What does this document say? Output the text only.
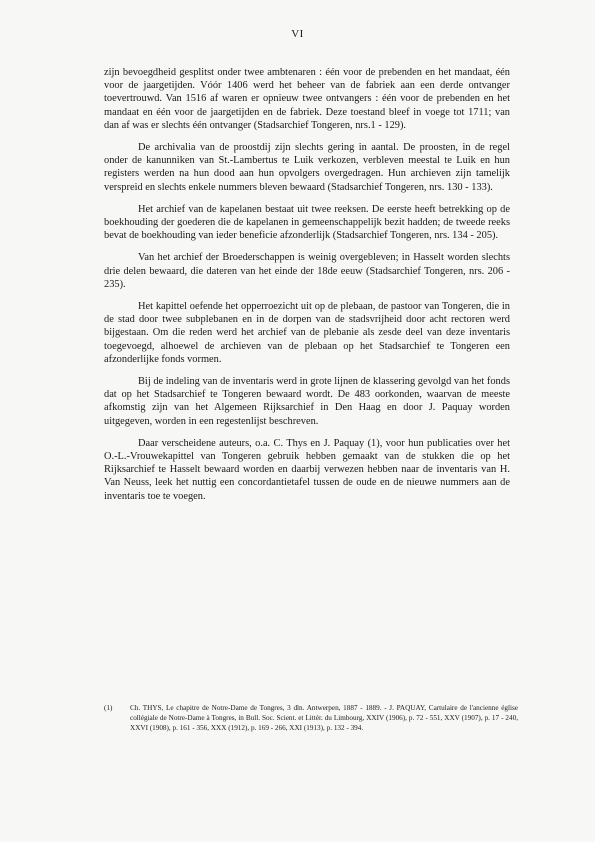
VI

zijn bevoegdheid gesplitst onder twee ambtenaren : één voor de prebenden en het mandaat, één voor de jaargetijden. Vóór 1406 werd het beheer van de fabriek aan een derde ontvanger toevertrouwd. Van 1516 af waren er opnieuw twee ontvangers : één voor de prebenden en het mandaat en één voor de jaargetijden en de fabriek. Deze toestand bleef in voege tot 1711; van dan af was er slechts één ontvanger (Stadsarchief Tongeren, nrs.1 - 129).

De archivalia van de proostdij zijn slechts gering in aantal. De proosten, in de regel onder de kanunniken van St.-Lambertus te Luik verkozen, verbleven meestal te Luik en hun registers werden na hun dood aan hun opvolgers overgedragen. Hun archieven zijn tamelijk verspreid en slechts enkele nummers bleven bewaard (Stadsarchief Tongeren, nrs. 130 - 133).

Het archief van de kapelanen bestaat uit twee reeksen. De eerste heeft betrekking op de boekhouding der goederen die de kapelanen in gemeenschappelijk bezit hadden; de tweede reeks bevat de boekhouding van ieder beneficie afzonderlijk (Stadsarchief Tongeren, nrs. 134 - 205).

Van het archief der Broederschappen is weinig overgebleven; in Hasselt worden slechts drie delen bewaard, die dateren van het einde der 18de eeuw (Stadsarchief Tongeren, nrs. 206 - 235).

Het kapittel oefende het opperroezicht uit op de plebaan, de pastoor van Tongeren, die in de stad door twee subplebanen en in de dorpen van de stadsvrijheid door acht rectoren werd bijgestaan. Om die reden werd het archief van de plebanie als zesde deel van deze inventaris toegevoegd, alhoewel de archieven van de plebaan op het Stadsarchief te Tongeren een afzonderlijke fonds vormen.

Bij de indeling van de inventaris werd in grote lijnen de klassering gevolgd van het fonds dat op het Stadsarchief te Tongeren bewaard wordt. De 483 oorkonden, waarvan de meeste afkomstig zijn van het Algemeen Rijksarchief in Den Haag en door J. Paquay worden uitgegeven, worden in een regestenlijst beschreven.

Daar verscheidene auteurs, o.a. C. Thys en J. Paquay (1), voor hun publicaties over het O.-L.-Vrouwekapittel van Tongeren gebruik hebben gemaakt van de stukken die op het Rijksarchief te Hasselt bewaard worden en daarbij verwezen hebben naar de inventaris van H. Van Neuss, leek het nuttig een concordantietafel tussen de oude en de nieuwe nummers aan de inventaris toe te voegen.

(1)	Ch. THYS, Le chapitre de Notre-Dame de Tongres, 3 dln. Antwerpen, 1887 - 1889. - J. PAQUAY, Cartulaire de l'ancienne église collégiale de Notre-Dame à Tongres, in Bull. Soc. Scient. et Littér. du Limbourg, XXIV (1906), p. 72 - 551, XXV (1907), p. 17 - 240, XXVI (1908), p. 161 - 356, XXX (1912), p. 169 - 266, XXI (1913), p. 132 - 394.
